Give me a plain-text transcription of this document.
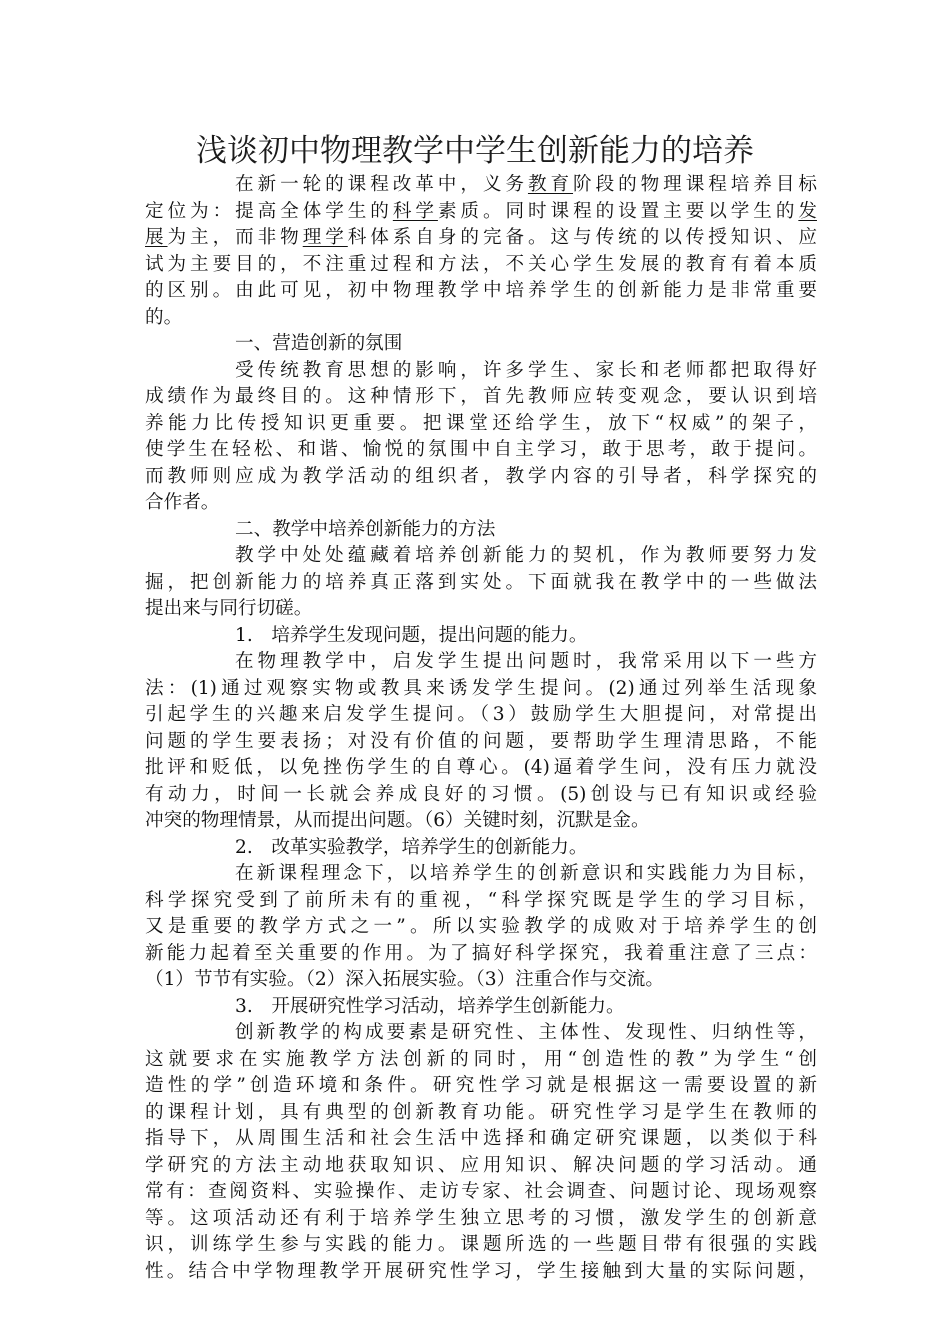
浅谈初中物理教学中学生创新能力的培养
在新一轮的课程改革中，义务教育阶段的物理课程培养目标
定位为：提高全体学生的科学素质。同时课程的设置主要以学生的发
展为主，而非物理学科体系自身的完备。这与传统的以传授知识、应
试为主要目的，不注重过程和方法，不关心学生发展的教育有着本质
的区别。由此可见，初中物理教学中培养学生的创新能力是非常重要
的。
一、营造创新的氛围
受传统教育思想的影响，许多学生、家长和老师都把取得好
成绩作为最终目的。这种情形下，首先教师应转变观念，要认识到培
养能力比传授知识更重要。把课堂还给学生，放下“权威”的架子，
使学生在轻松、和谐、愉悦的氛围中自主学习，敢于思考，敢于提问。
而教师则应成为教学活动的组织者，教学内容的引导者，科学探究的
合作者。
二、教学中培养创新能力的方法
教学中处处蕴藏着培养创新能力的契机，作为教师要努力发
掘，把创新能力的培养真正落到实处。下面就我在教学中的一些做法
提出来与同行切磋。
1.　培养学生发现问题，提出问题的能力。
在物理教学中，启发学生提出问题时，我常采用以下一些方
法：(1)通过观察实物或教具来诱发学生提问。(2)通过列举生活现象
引起学生的兴趣来启发学生提问。（3）鼓励学生大胆提问，对常提出
问题的学生要表扬；对没有价值的问题，要帮助学生理清思路，不能
批评和贬低，以免挫伤学生的自尊心。(4)逼着学生问，没有压力就没
有动力，时间一长就会养成良好的习惯。(5)创设与已有知识或经验
冲突的物理情景，从而提出问题。（6）关键时刻，沉默是金。
2.　改革实验教学，培养学生的创新能力。
在新课程理念下，以培养学生的创新意识和实践能力为目标，
科学探究受到了前所未有的重视，“科学探究既是学生的学习目标，
又是重要的教学方式之一”。所以实验教学的成败对于培养学生的创
新能力起着至关重要的作用。为了搞好科学探究，我着重注意了三点：
（1）节节有实验。（2）深入拓展实验。（3）注重合作与交流。
3.　开展研究性学习活动，培养学生创新能力。
创新教学的构成要素是研究性、主体性、发现性、归纳性等，
这就要求在实施教学方法创新的同时，用“创造性的教”为学生“创
造性的学”创造环境和条件。研究性学习就是根据这一需要设置的新
的课程计划，具有典型的创新教育功能。研究性学习是学生在教师的
指导下，从周围生活和社会生活中选择和确定研究课题，以类似于科
学研究的方法主动地获取知识、应用知识、解决问题的学习活动。通
常有：查阅资料、实验操作、走访专家、社会调查、问题讨论、现场观察
等。这项活动还有利于培养学生独立思考的习惯，激发学生的创新意
识，训练学生参与实践的能力。课题所选的一些题目带有很强的实践
性。结合中学物理教学开展研究性学习，学生接触到大量的实际问题，
